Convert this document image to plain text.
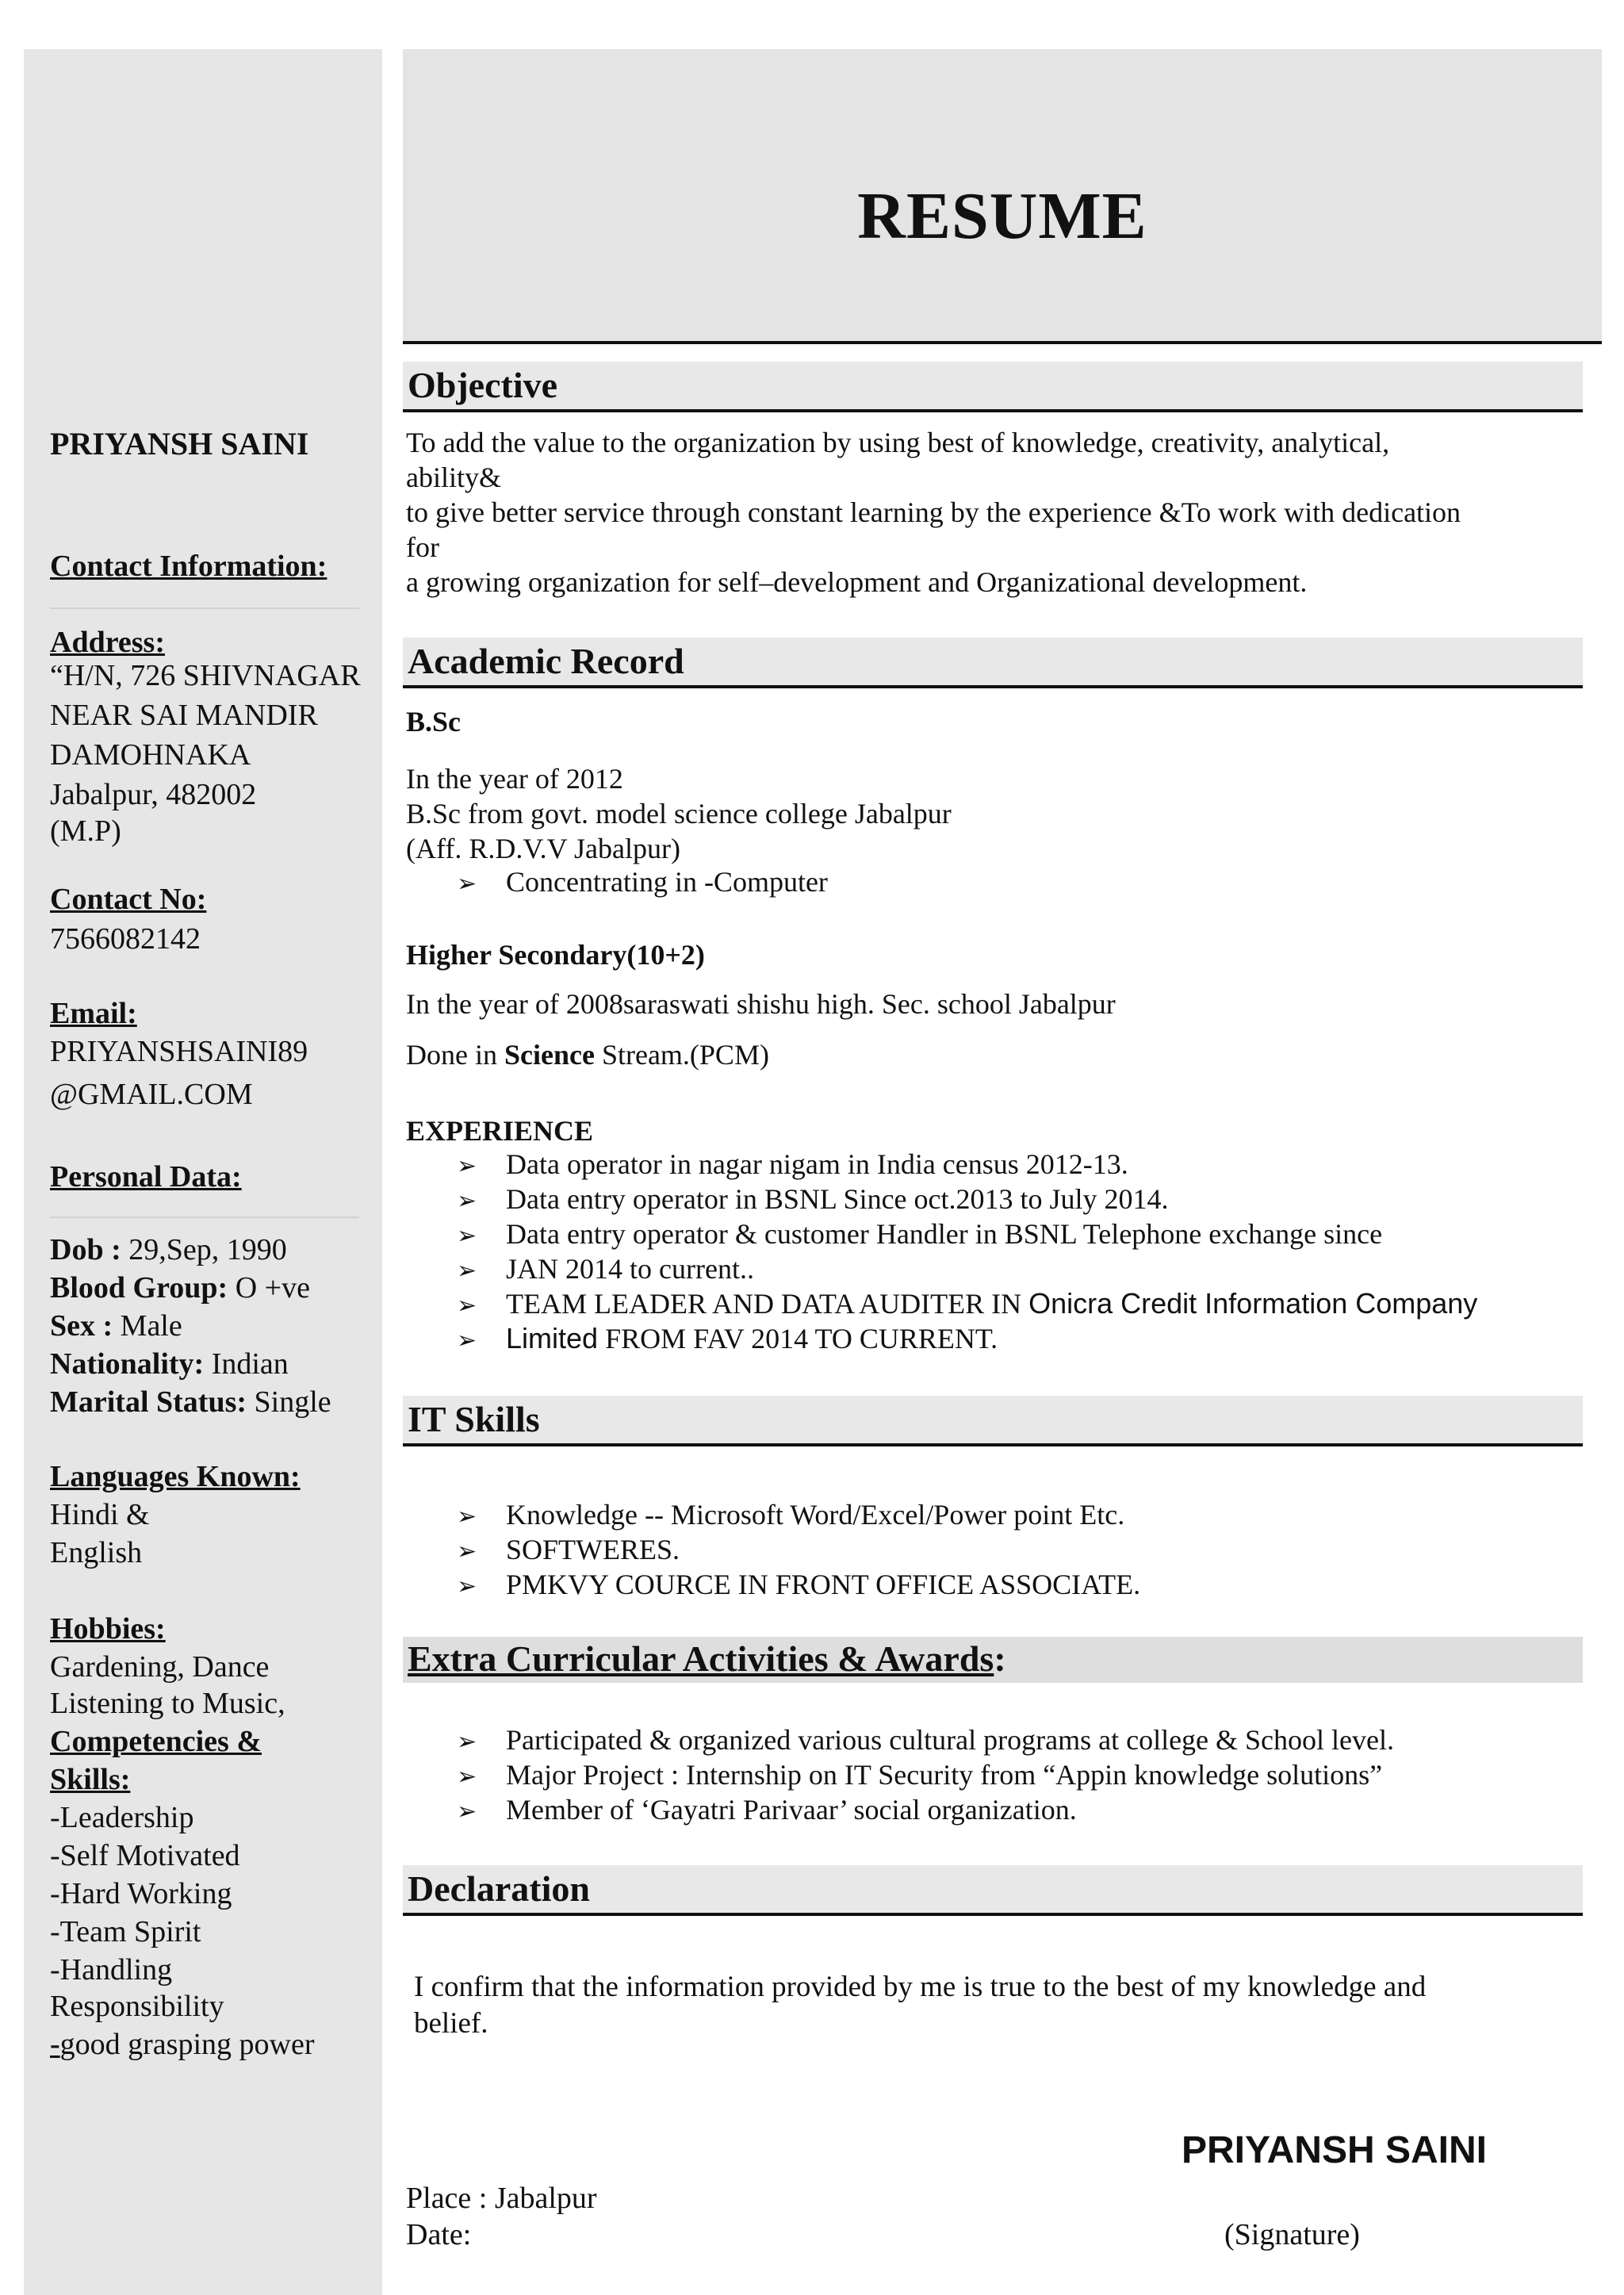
PRIYANSH SAINI
Contact Information:
Address:
“H/N, 726 SHIVNAGAR
NEAR SAI MANDIR
DAMOHNAKA
Jabalpur, 482002
(M.P)
Contact No:
7566082142
Email:
PRIYANSHSAINI89
@GMAIL.COM
Personal Data:
Dob : 29,Sep, 1990
Blood Group: O +ve
Sex : Male
Nationality: Indian
Marital Status: Single
Languages Known:
Hindi &
English
Hobbies:
Gardening, Dance
Listening to Music,
Competencies &
Skills:
-Leadership
-Self Motivated
-Hard Working
-Team Spirit
-Handling
Responsibility
-good grasping power
RESUME
Objective
To add the value to the organization by using best of knowledge, creativity, analytical,
ability&
to give better service through constant learning by the experience &To work with dedication
for
a growing organization for self–development and Organizational development.
Academic Record
B.Sc
In the year of 2012
B.Sc from govt. model science college Jabalpur
(Aff. R.D.V.V Jabalpur)
➢ Concentrating in -Computer
Higher Secondary(10+2)
In the year of 2008saraswati shishu high. Sec. school Jabalpur
Done in Science Stream.(PCM)
EXPERIENCE
➢ Data operator in nagar nigam in India census 2012-13.
➢ Data entry operator in BSNL Since oct.2013 to July 2014.
➢ Data entry operator & customer Handler in BSNL Telephone exchange since
➢ JAN 2014 to current..
➢ TEAM LEADER AND DATA AUDITER IN Onicra Credit Information Company
➢ Limited FROM FAV 2014 TO CURRENT.
IT Skills
➢ Knowledge -- Microsoft Word/Excel/Power point Etc.
➢ SOFTWERES.
➢ PMKVY COURCE IN FRONT OFFICE ASSOCIATE.
Extra Curricular Activities & Awards:
➢ Participated & organized various cultural programs at college & School level.
➢ Major Project : Internship on IT Security from “Appin knowledge solutions”
➢ Member of ‘Gayatri Parivaar’ social organization.
Declaration
I confirm that the information provided by me is true to the best of my knowledge and
belief.
PRIYANSH SAINI
Place : Jabalpur
Date:	(Signature)
